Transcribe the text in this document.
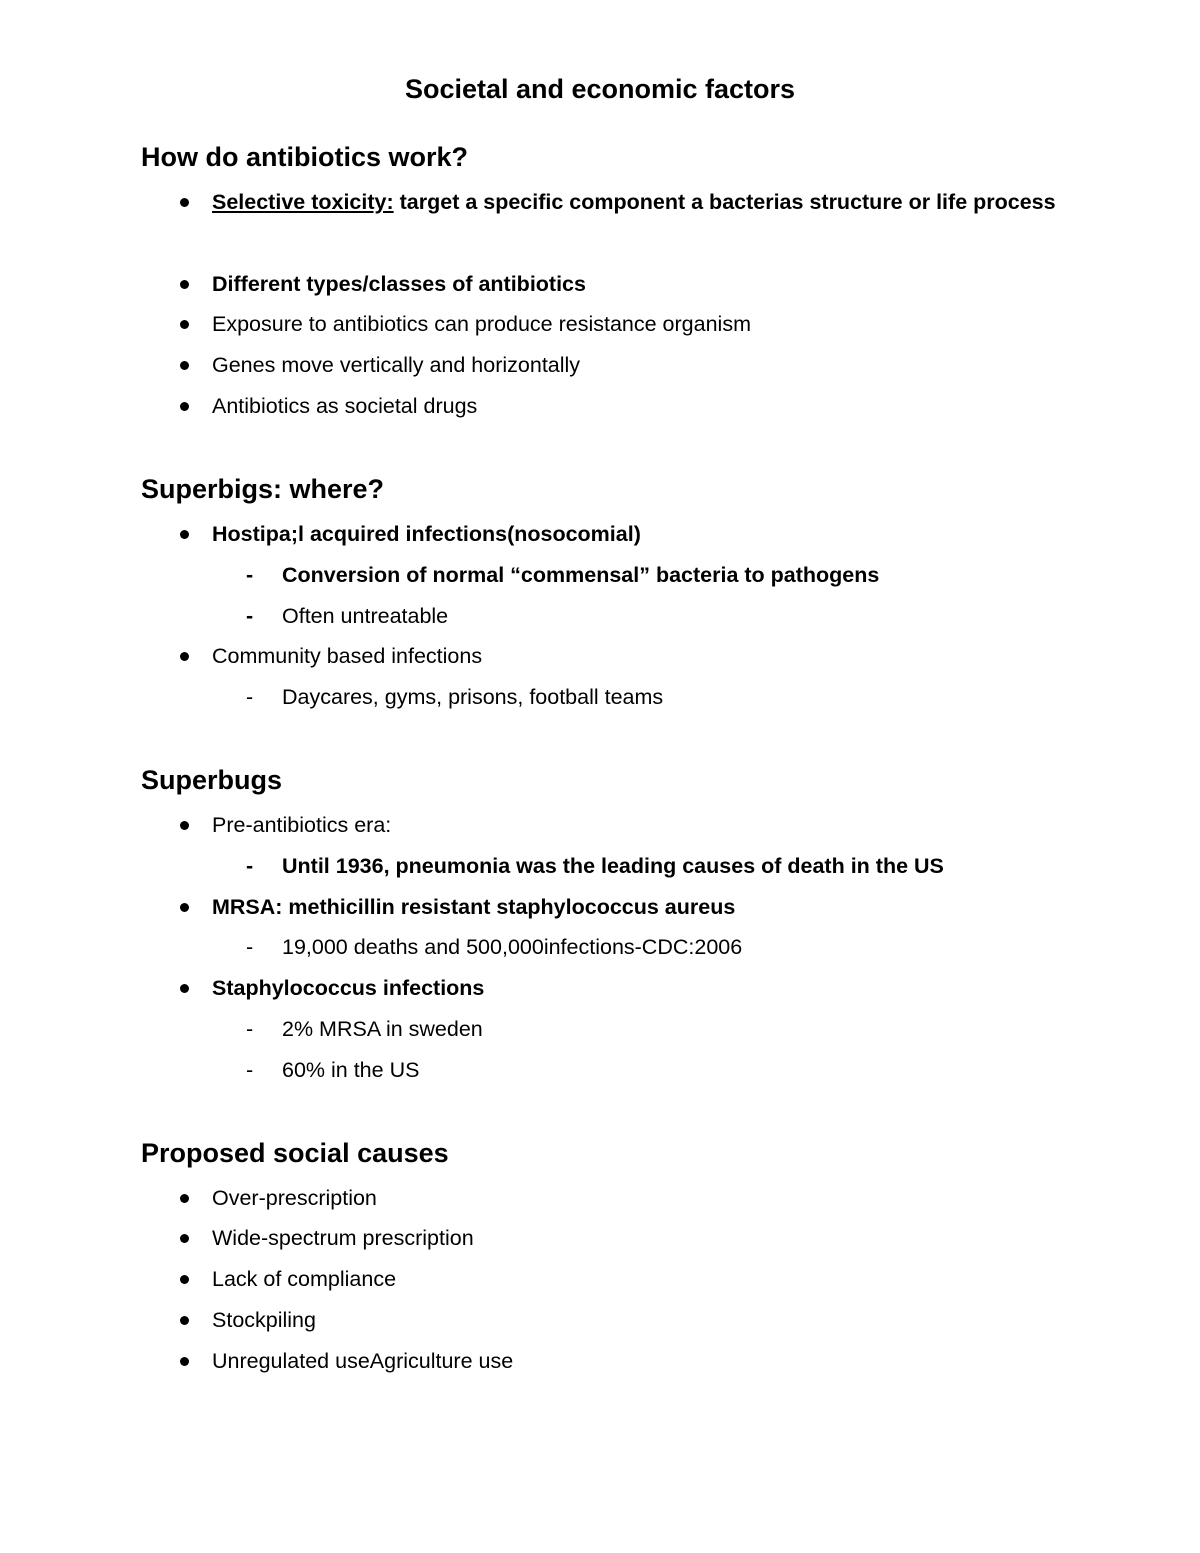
Societal and economic factors
How do antibiotics work?
Selective toxicity: target a specific component a bacterias structure or life process
Different types/classes of antibiotics
Exposure to antibiotics can produce resistance organism
Genes move vertically and horizontally
Antibiotics as societal drugs
Superbigs: where?
Hostipa;l acquired infections(nosocomial)
- Conversion of normal “commensal” bacteria to pathogens
- Often untreatable
Community based infections
- Daycares, gyms, prisons, football teams
Superbugs
Pre-antibiotics era:
- Until 1936, pneumonia was the leading causes of death in the US
MRSA: methicillin resistant staphylococcus aureus
- 19,000 deaths and 500,000infections-CDC:2006
Staphylococcus infections
- 2% MRSA in sweden
- 60% in the US
Proposed social causes
Over-prescription
Wide-spectrum prescription
Lack of compliance
Stockpiling
Unregulated useAgriculture use
